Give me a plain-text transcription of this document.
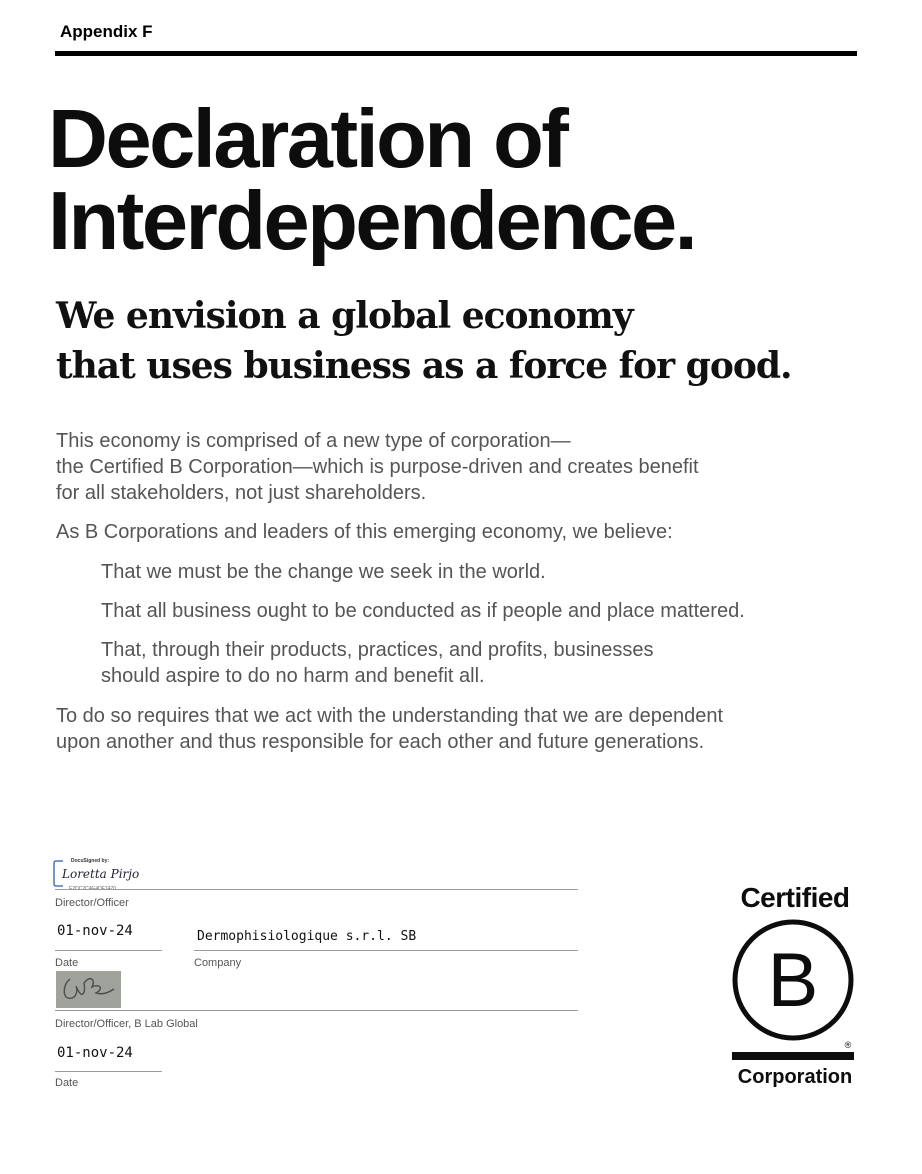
Appendix F
Declaration of
Interdependence.
We envision a global economy
that uses business as a force for good.
This economy is comprised of a new type of corporation—
the Certified B Corporation—which is purpose-driven and creates benefit
for all stakeholders, not just shareholders.
As B Corporations and leaders of this emerging economy, we believe:
That we must be the change we seek in the world.
That all business ought to be conducted as if people and place mattered.
That, through their products, practices, and profits, businesses
should aspire to do no harm and benefit all.
To do so requires that we act with the understanding that we are dependent
upon another and thus responsible for each other and future generations.
DocuSigned by:
Loretta Pirjo
Director/Officer
01-nov-24
Date
Dermophisiologique s.r.l. SB
Company
Director/Officer, B Lab Global
01-nov-24
Date
Certified
B
®
Corporation
